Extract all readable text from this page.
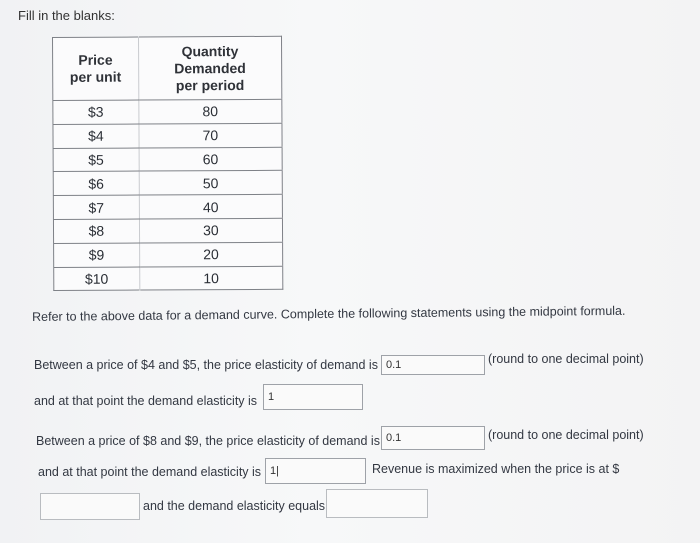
Fill in the blanks:
Price
per unit	Quantity
Demanded
per period
$3	80
$4	70
$5	60
$6	50
$7	40
$8	30
$9	20
$10	10
Refer to the above data for a demand curve. Complete the following statements using the midpoint formula.
Between a price of $4 and $5, the price elasticity of demand is
0.1	(round to one decimal point)
and at that point the demand elasticity is
1
Between a price of $8 and $9, the price elasticity of demand is
0.1	(round to one decimal point)
and at that point the demand elasticity is
1|	Revenue is maximized when the price is at $
and the demand elasticity equals
